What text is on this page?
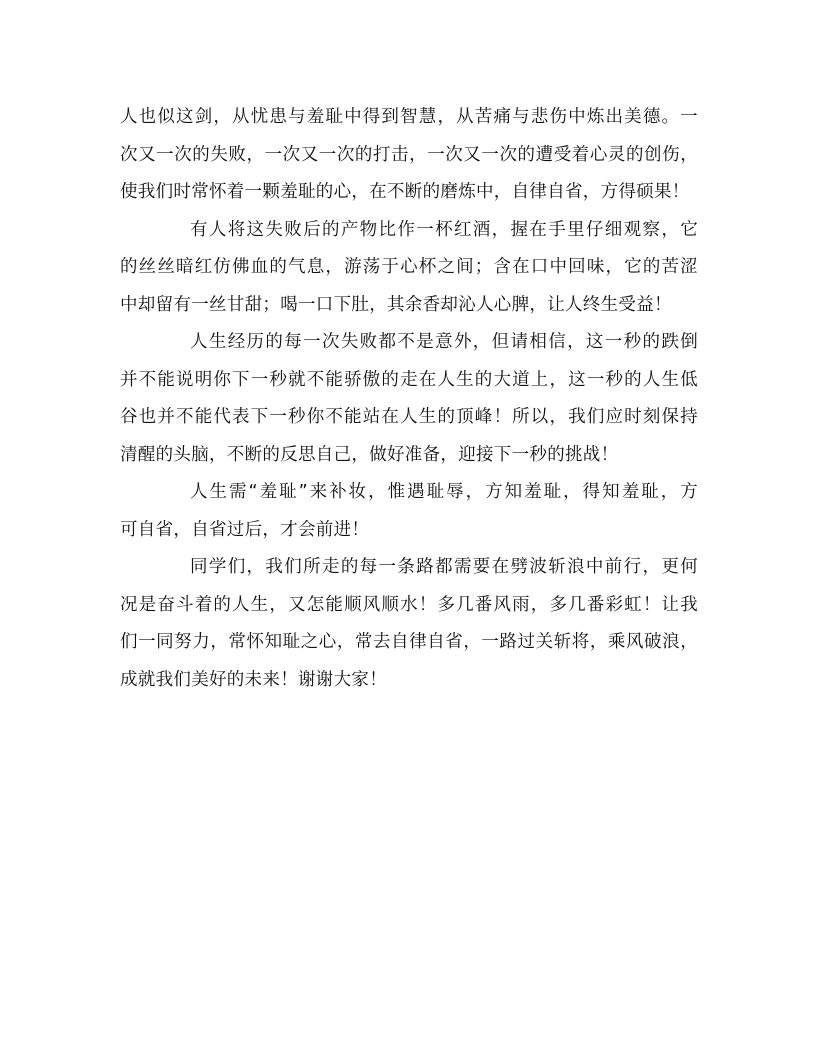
人也似这剑，从忧患与羞耻中得到智慧，从苦痛与悲伤中炼出美德。一
次又一次的失败，一次又一次的打击，一次又一次的遭受着心灵的创伤，
使我们时常怀着一颗羞耻的心，在不断的磨炼中，自律自省，方得硕果！

有人将这失败后的产物比作一杯红酒，握在手里仔细观察，它
的丝丝暗红仿佛血的气息，游荡于心杯之间；含在口中回味，它的苦涩
中却留有一丝甘甜；喝一口下肚，其余香却沁人心脾，让人终生受益！

人生经历的每一次失败都不是意外，但请相信，这一秒的跌倒
并不能说明你下一秒就不能骄傲的走在人生的大道上，这一秒的人生低
谷也并不能代表下一秒你不能站在人生的顶峰！所以，我们应时刻保持
清醒的头脑，不断的反思自己，做好准备，迎接下一秒的挑战！

人生需“羞耻”来补妆，惟遇耻辱，方知羞耻，得知羞耻，方
可自省，自省过后，才会前进！

同学们，我们所走的每一条路都需要在劈波斩浪中前行，更何
况是奋斗着的人生，又怎能顺风顺水！多几番风雨，多几番彩虹！让我
们一同努力，常怀知耻之心，常去自律自省，一路过关斩将，乘风破浪，
成就我们美好的未来！谢谢大家！
